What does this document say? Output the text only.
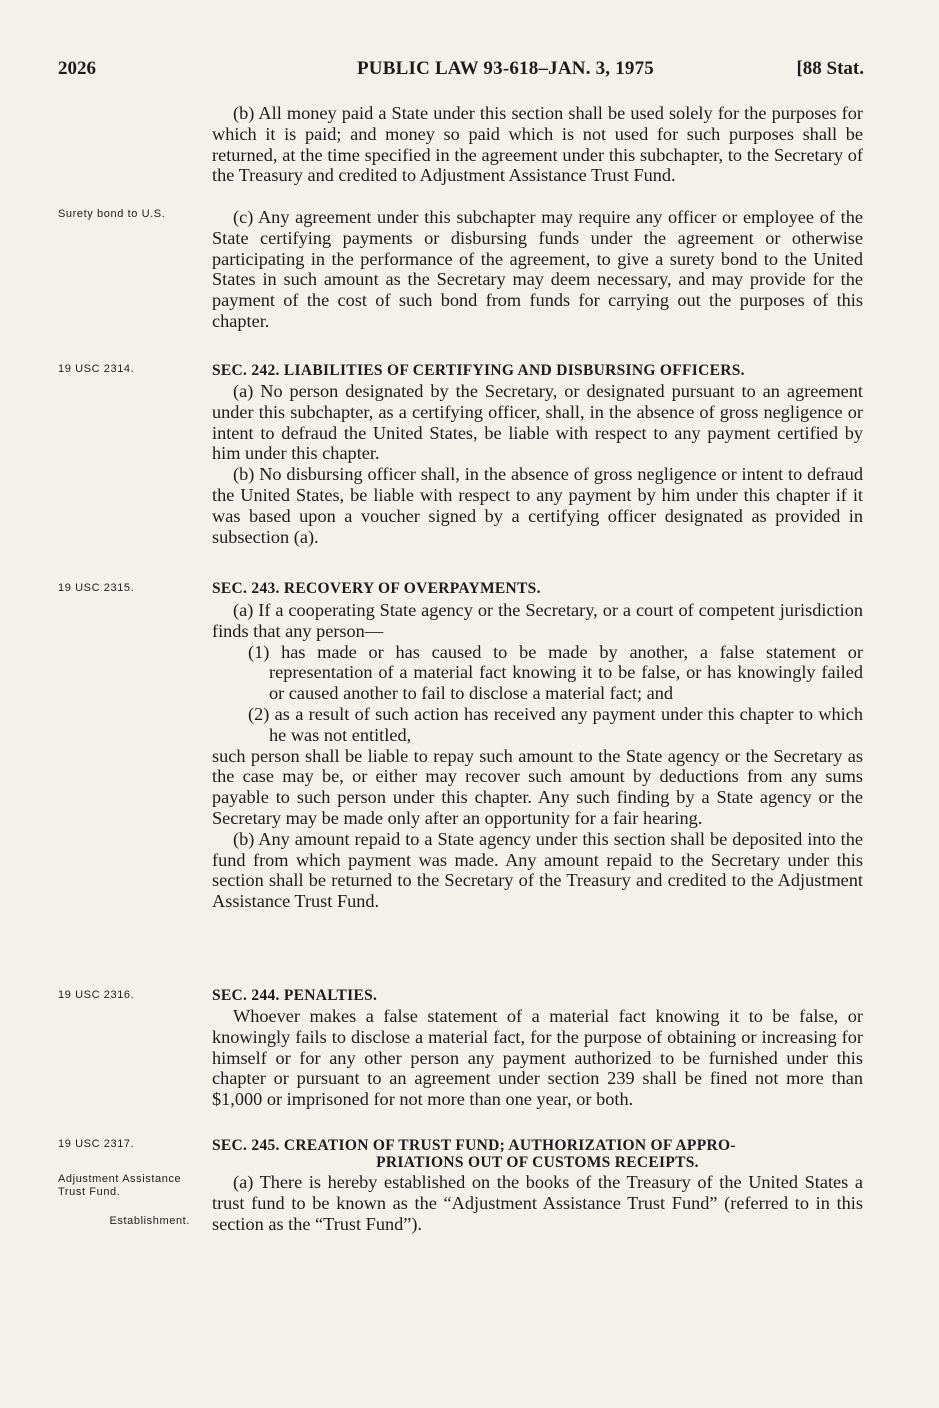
2026	PUBLIC LAW 93-618–JAN. 3, 1975	[88 Stat.
Surety bond to U.S.
19 USC 2314.
19 USC 2315.
19 USC 2316.
19 USC 2317.
Adjustment Assistance Trust Fund.
Establishment.

(b) All money paid a State under this section shall be used solely for the purposes for which it is paid; and money so paid which is not used for such purposes shall be returned, at the time specified in the agreement under this subchapter, to the Secretary of the Treasury and credited to Adjustment Assistance Trust Fund.

(c) Any agreement under this subchapter may require any officer or employee of the State certifying payments or disbursing funds under the agreement or otherwise participating in the performance of the agreement, to give a surety bond to the United States in such amount as the Secretary may deem necessary, and may provide for the payment of the cost of such bond from funds for carrying out the purposes of this chapter.

SEC. 242. LIABILITIES OF CERTIFYING AND DISBURSING OFFICERS.

(a) No person designated by the Secretary, or designated pursuant to an agreement under this subchapter, as a certifying officer, shall, in the absence of gross negligence or intent to defraud the United States, be liable with respect to any payment certified by him under this chapter.

(b) No disbursing officer shall, in the absence of gross negligence or intent to defraud the United States, be liable with respect to any payment by him under this chapter if it was based upon a voucher signed by a certifying officer designated as provided in subsection (a).

SEC. 243. RECOVERY OF OVERPAYMENTS.

(a) If a cooperating State agency or the Secretary, or a court of competent jurisdiction finds that any person—

(1) has made or has caused to be made by another, a false statement or representation of a material fact knowing it to be false, or has knowingly failed or caused another to fail to disclose a material fact; and

(2) as a result of such action has received any payment under this chapter to which he was not entitled,

such person shall be liable to repay such amount to the State agency or the Secretary as the case may be, or either may recover such amount by deductions from any sums payable to such person under this chapter. Any such finding by a State agency or the Secretary may be made only after an opportunity for a fair hearing.

(b) Any amount repaid to a State agency under this section shall be deposited into the fund from which payment was made. Any amount repaid to the Secretary under this section shall be returned to the Secretary of the Treasury and credited to the Adjustment Assistance Trust Fund.

SEC. 244. PENALTIES.

Whoever makes a false statement of a material fact knowing it to be false, or knowingly fails to disclose a material fact, for the purpose of obtaining or increasing for himself or for any other person any payment authorized to be furnished under this chapter or pursuant to an agreement under section 239 shall be fined not more than $1,000 or imprisoned for not more than one year, or both.

SEC. 245. CREATION OF TRUST FUND; AUTHORIZATION OF APPRO-
PRIATIONS OUT OF CUSTOMS RECEIPTS.

(a) There is hereby established on the books of the Treasury of the United States a trust fund to be known as the “Adjustment Assistance Trust Fund” (referred to in this section as the “Trust Fund”).
